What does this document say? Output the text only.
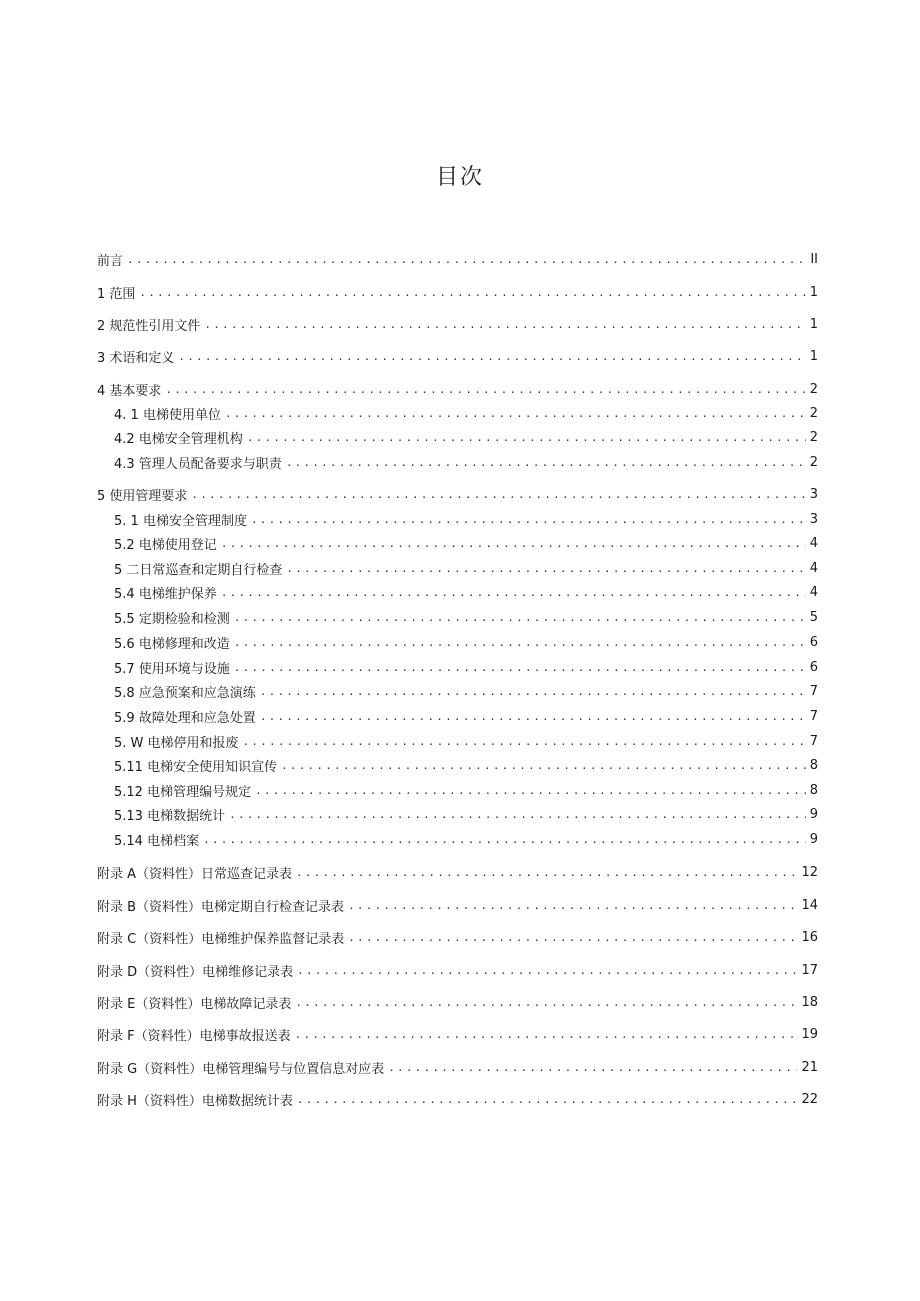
目次
前言 .....	II
1 范围 .....	1
2 规范性引用文件 .....	1
3 术语和定义 .....	1
4 基本要求 .....	2
4. 1 电梯使用单位 .....	2
4.2 电梯安全管理机构 .....	2
4.3 管理人员配备要求与职责 .....	2
5 使用管理要求 .....	3
5. 1 电梯安全管理制度 .....	3
5.2 电梯使用登记 .....	4
5 二日常巡查和定期自行检查 .....	4
5.4 电梯维护保养 .....	4
5.5 定期检验和检测 .....	5
5.6 电梯修理和改造 .....	6
5.7 使用环境与设施 .....	6
5.8 应急预案和应急演练 .....	7
5.9 故障处理和应急处置 .....	7
5. W 电梯停用和报废 .....	7
5.11 电梯安全使用知识宣传 .....	8
5.12 电梯管理编号规定 .....	8
5.13 电梯数据统计 .....	9
5.14 电梯档案 .....	9
附录 A（资料性）日常巡查记录表 .....	12
附录 B（资料性）电梯定期自行检查记录表 .....	14
附录 C（资料性）电梯维护保养监督记录表 .....	16
附录 D（资料性）电梯维修记录表 .....	17
附录 E（资料性）电梯故障记录表 .....	18
附录 F（资料性）电梯事故报送表 .....	19
附录 G（资料性）电梯管理编号与位置信息对应表 .....	21
附录 H（资料性）电梯数据统计表 .....	22
